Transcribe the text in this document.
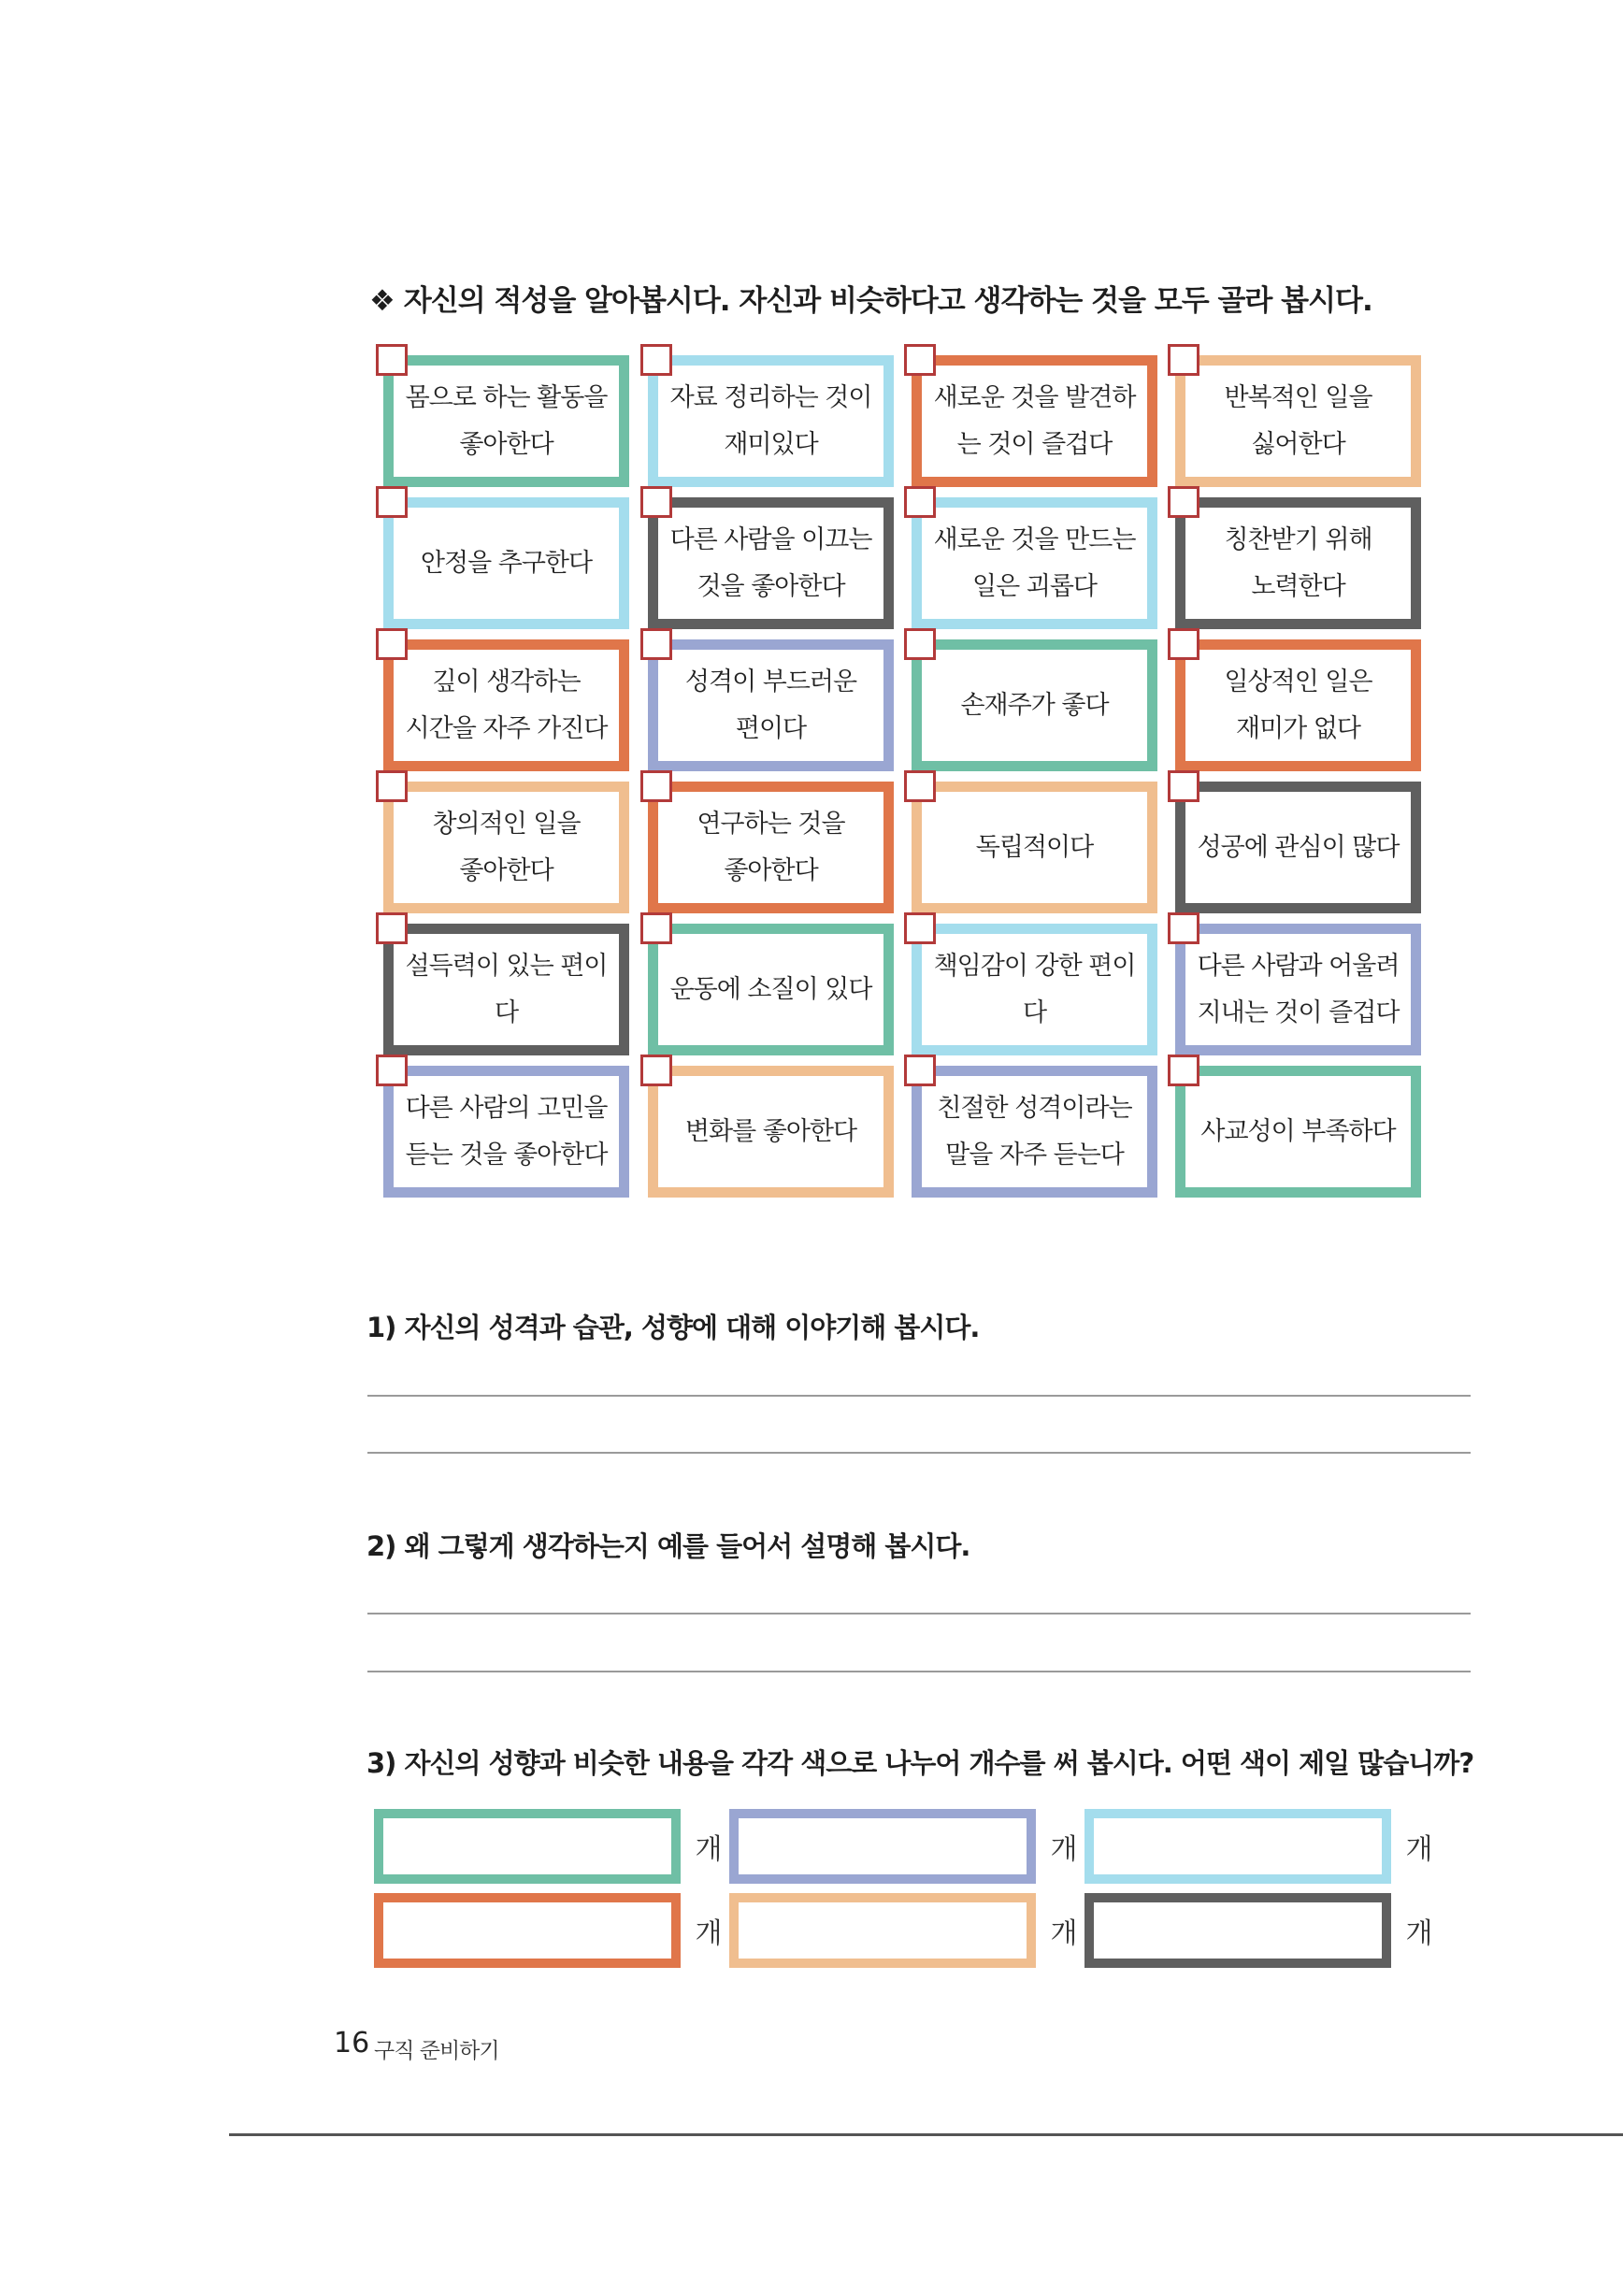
❖ 자신의 적성을 알아봅시다. 자신과 비슷하다고 생각하는 것을 모두 골라 봅시다.
몸으로 하는 활동을
좋아한다
자료 정리하는 것이
재미있다
새로운 것을 발견하
는 것이 즐겁다
반복적인 일을
싫어한다
안정을 추구한다
다른 사람을 이끄는
것을 좋아한다
새로운 것을 만드는
일은 괴롭다
칭찬받기 위해
노력한다
깊이 생각하는
시간을 자주 가진다
성격이 부드러운
편이다
손재주가 좋다
일상적인 일은
재미가 없다
창의적인 일을
좋아한다
연구하는 것을
좋아한다
독립적이다	성공에 관심이 많다
설득력이 있는 편이다
운동에 소질이 있다
책임감이 강한 편이다
다른 사람과 어울려
지내는 것이 즐겁다
다른 사람의 고민을
듣는 것을 좋아한다
변화를 좋아한다
친절한 성격이라는
말을 자주 듣는다
사교성이 부족하다
1) 자신의 성격과 습관, 성향에 대해 이야기해 봅시다.
2) 왜 그렇게 생각하는지 예를 들어서 설명해 봅시다.
3) 자신의 성향과 비슷한 내용을 각각 색으로 나누어 개수를 써 봅시다. 어떤 색이 제일 많습니까?
개	개	개
개	개	개
16 구직 준비하기
